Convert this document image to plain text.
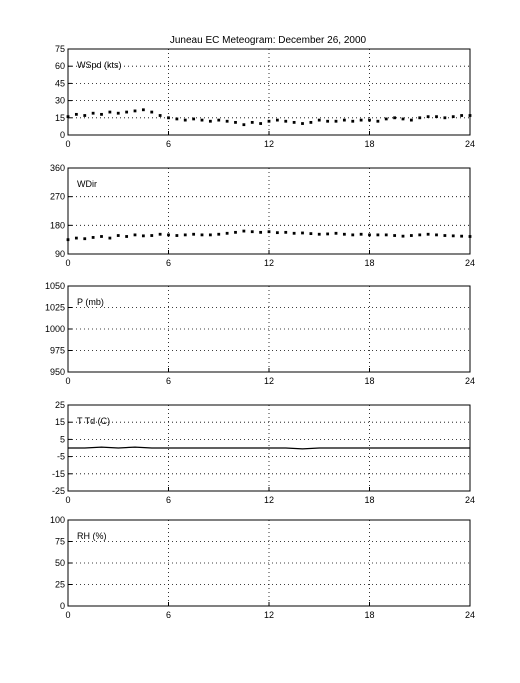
Juneau EC Meteogram: December 26, 2000
0	6	12	18	24
0
15
30
45
60
75
WSpd (kts)
0	6	12	18	24
90
180
270
360
WDir
0	6	12	18	24
950
975
1000
1025
1050
P (mb)
0	6	12	18	24
-25
-15
-5
5
15
25
T Td (C)
0	6	12	18	24
0
25
50
75
100
RH (%)
